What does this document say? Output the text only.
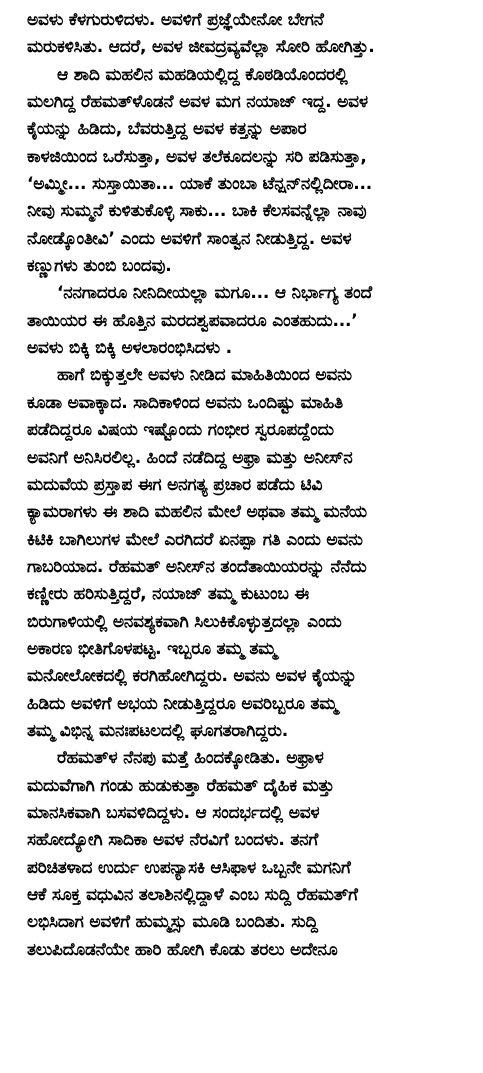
ಅವಳು ಕೆಳಗುರುಳಿದಳು. ಅವಳಿಗೆ ಪ್ರಜ್ಞೆಯೇನೋ ಬೇಗನೆ
ಮರುಕಳಿಸಿತು. ಆದರೆ, ಅವಳ ಜೀವದ್ರವ್ಯವೆಲ್ಲಾ ಸೋರಿ ಹೋಗಿತ್ತು.
ಆ ಶಾದಿ ಮಹಲಿನ ಮಹಡಿಯಲ್ಲಿದ್ದ ಕೊಠಡಿಯೊಂದರಲ್ಲಿ
ಮಲಗಿದ್ದ ರೆಹಮತ್‌ಳೊಡನೆ ಅವಳ ಮಗ ನಯಾಜ್ ಇದ್ದ. ಅವಳ
ಕೈಯನ್ನು ಹಿಡಿದು, ಬೆವರುತ್ತಿದ್ದ ಅವಳ ಕತ್ತನ್ನು ಅಪಾರ
ಕಾಳಜಿಯಿಂದ ಒರೆಸುತ್ತಾ, ಅವಳ ತಲೆಕೂದಲನ್ನು ಸರಿ ಪಡಿಸುತ್ತಾ,
‘ಅಮ್ಮೀ... ಸುಸ್ತಾಯಿತಾ... ಯಾಕೆ ತುಂಬಾ ಟೆನ್ಷನ್‌ನಲ್ಲಿದೀರಾ...
ನೀವು ಸುಮ್ಮನೆ ಕುಳಿತುಕೊಳ್ಳಿ ಸಾಕು... ಬಾಕಿ ಕೆಲಸವನ್ನೆಲ್ಲಾ ನಾವು
ನೋಡ್ಕೊಂತೀವಿ’ ಎಂದು ಅವಳಿಗೆ ಸಾಂತ್ವನ ನೀಡುತ್ತಿದ್ದ. ಅವಳ
ಕಣ್ಣುಗಳು ತುಂಬಿ ಬಂದವು.
‘ನನಗಾದರೂ ನೀನಿದೀಯಲ್ಲಾ ಮಗೂ... ಆ ನಿರ್ಭಾಗ್ಯ ತಂದೆ
ತಾಯಿಯರ ಈ ಹೊತ್ತಿನ ಮರದಶ್ವಪವಾದರೂ ಎಂತಹುದು...’
ಅವಳು ಬಿಕ್ಕಿ ಬಿಕ್ಕಿ ಅಳಲಾರಂಭಿಸಿದಳು .
ಹಾಗೆ ಬಿಕ್ಕುತ್ತಲೇ ಅವಳು ನೀಡಿದ ಮಾಹಿತಿಯಿಂದ ಅವನು
ಕೂಡಾ ಅವಾಕ್ಕಾದ. ಸಾದಿಕಾಳಿಂದ ಅವನು ಒಂದಿಷ್ಟು ಮಾಹಿತಿ
ಪಡೆದಿದ್ದರೂ ವಿಷಯ ಇಷ್ಟೊಂದು ಗಂಭೀರ ಸ್ವರೂಪದ್ದೆಂದು
ಅವನಿಗೆ ಅನಿಸಿರಲಿಲ್ಲ. ಹಿಂದೆ ನಡೆದಿದ್ದ ಅಫ್ರಾ ಮತ್ತು ಅನೀಸ್‌ನ
ಮದುವೆಯ ಪ್ರಸ್ತಾಪ ಈಗ ಅನಗತ್ಯ ಪ್ರಚಾರ ಪಡೆದು ಟಿವಿ
ಕ್ಯಾಮರಾಗಳು ಈ ಶಾದಿ ಮಹಲಿನ ಮೇಲೆ ಅಥವಾ ತಮ್ಮ ಮನೆಯ
ಕಿಟಿಕಿ ಬಾಗಿಲುಗಳ ಮೇಲೆ ಎರಗಿದರೆ ಏನಪ್ಪಾ ಗತಿ ಎಂದು ಅವನು
ಗಾಬರಿಯಾದ. ರೆಹಮತ್ ಅನೀಸ್‌ನ ತಂದೆತಾಯಿಯರನ್ನು ನೆನೆದು
ಕಣ್ಣೀರು ಹರಿಸುತ್ತಿದ್ದರೆ, ನಯಾಜ್ ತಮ್ಮ ಕುಟುಂಬ ಈ
ಬಿರುಗಾಳಿಯಲ್ಲಿ ಅನವಶ್ಯಕವಾಗಿ ಸಿಲುಕಿಕೊಳ್ಳುತ್ತದಲ್ಲಾ ಎಂದು
ಅಕಾರಣ ಭೀತಿಗೊಳಪಟ್ಟ. ಇಬ್ಬರೂ ತಮ್ಮ ತಮ್ಮ
ಮನೋಲೋಕದಲ್ಲಿ ಕರಗಿಹೋಗಿದ್ದರು. ಅವನು ಅವಳ ಕೈಯನ್ನು
ಹಿಡಿದು ಅವಳಿಗೆ ಅಭಯ ನೀಡುತ್ತಿದ್ದರೂ ಅವರಿಬ್ಬರೂ ತಮ್ಮ
ತಮ್ಮ ವಿಭಿನ್ನ ಮನಃಪಟಲದಲ್ಲಿ ಘೂಗತರಾಗಿದ್ದರು.
ರೆಹಮತ್‌ಳ ನೆನಪು ಮತ್ತೆ ಹಿಂದಕ್ಕೋಡಿತು. ಅಫ್ರಾಳ
ಮದುವೆಗಾಗಿ ಗಂಡು ಹುಡುಕುತ್ತಾ ರೆಹಮತ್ ದೈಹಿಕ ಮತ್ತು
ಮಾನಸಿಕವಾಗಿ ಬಸವಳಿದಿದ್ದಳು. ಆ ಸಂದರ್ಭದಲ್ಲಿ ಅವಳ
ಸಹೋದ್ಯೋಗಿ ಸಾದಿಕಾ ಅವಳ ನೆರವಿಗೆ ಬಂದಳು. ತನಗೆ
ಪರಿಚಿತಳಾದ ಉರ್ದು ಉಪನ್ಯಾಸಕಿ ಆಸಿಫಾಳ ಒಬ್ಬನೇ ಮಗನಿಗೆ
ಆಕೆ ಸೂಕ್ತ ವಧುವಿನ ತಲಾಶಿನಲ್ಲಿದ್ದಾಳೆ ಎಂಬ ಸುದ್ದಿ ರೆಹಮತ್‌ಗೆ
ಲಭಿಸಿದಾಗ ಅವಳಿಗೆ ಹುಮ್ಮಸ್ಸು ಮೂಡಿ ಬಂದಿತು. ಸುದ್ದಿ
ತಲುಪಿದೊಡನೆಯೇ ಹಾರಿ ಹೋಗಿ ಕೊಡು ತರಲು ಅದೇನೂ
